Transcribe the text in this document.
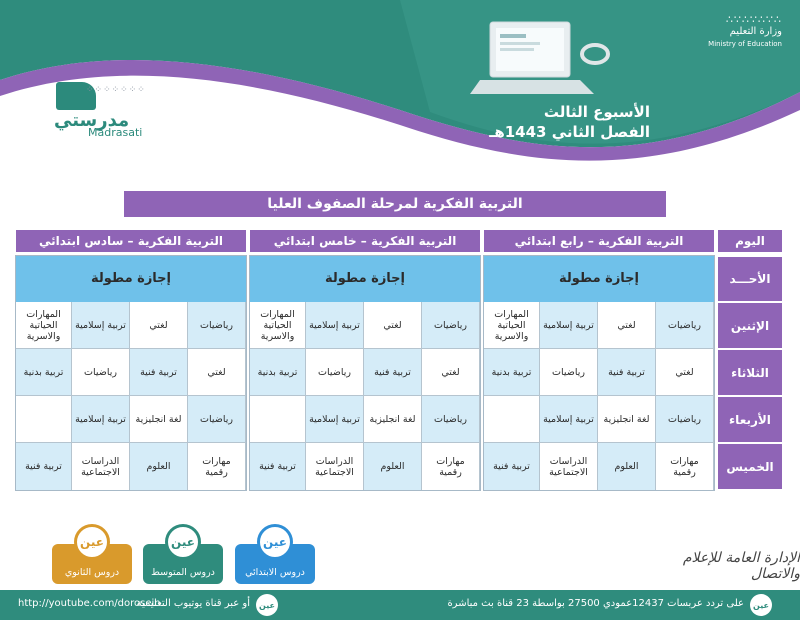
∴∵∴∵∴∵∴
وزارة التعليم
Ministry of Education
الأسبوع الثالث
الفصل الثاني 1443هـ
⁘⁘⁘⁘⁘⁘⁘
مدرستي
Madrasati
التربية الفكرية لمرحلة الصفوف العليا
اليوم
التربية الفكرية – رابع ابتدائي
التربية الفكرية – خامس ابتدائي
التربية الفكرية – سادس ابتدائي
الأحـــد
الإثنين
الثلاثاء
الأربعاء
الخميس
إجازة مطولة
رياضيات
لغتي
تربية إسلامية
المهارات الحياتية والاسرية
لغتي
تربية فنية
رياضيات
تربية بدنية
رياضيات
لغة انجليزية
تربية إسلامية
مهارات رقمية
العلوم
الدراسات الاجتماعية
تربية فنية
إجازة مطولة
رياضيات
لغتي
تربية إسلامية
المهارات الحياتية والاسرية
لغتي
تربية فنية
رياضيات
تربية بدنية
رياضيات
لغة انجليزية
تربية إسلامية
مهارات رقمية
العلوم
الدراسات الاجتماعية
تربية فنية
إجازة مطولة
رياضيات
لغتي
تربية إسلامية
المهارات الحياتية والاسرية
لغتي
تربية فنية
رياضيات
تربية بدنية
رياضيات
لغة انجليزية
تربية إسلامية
مهارات رقمية
العلوم
الدراسات الاجتماعية
تربية فنية
عين
دروس الابتدائي
عين
دروس المتوسط
عين
دروس الثانوي
الإدارة العامة للإعلام والاتصال
عين
على تردد عربسات 12437عمودي 27500 بواسطة 23 قناة بث مباشرة
عين
أو عبر قناة يوتيوب التعليمية
http://youtube.com/dorosein
